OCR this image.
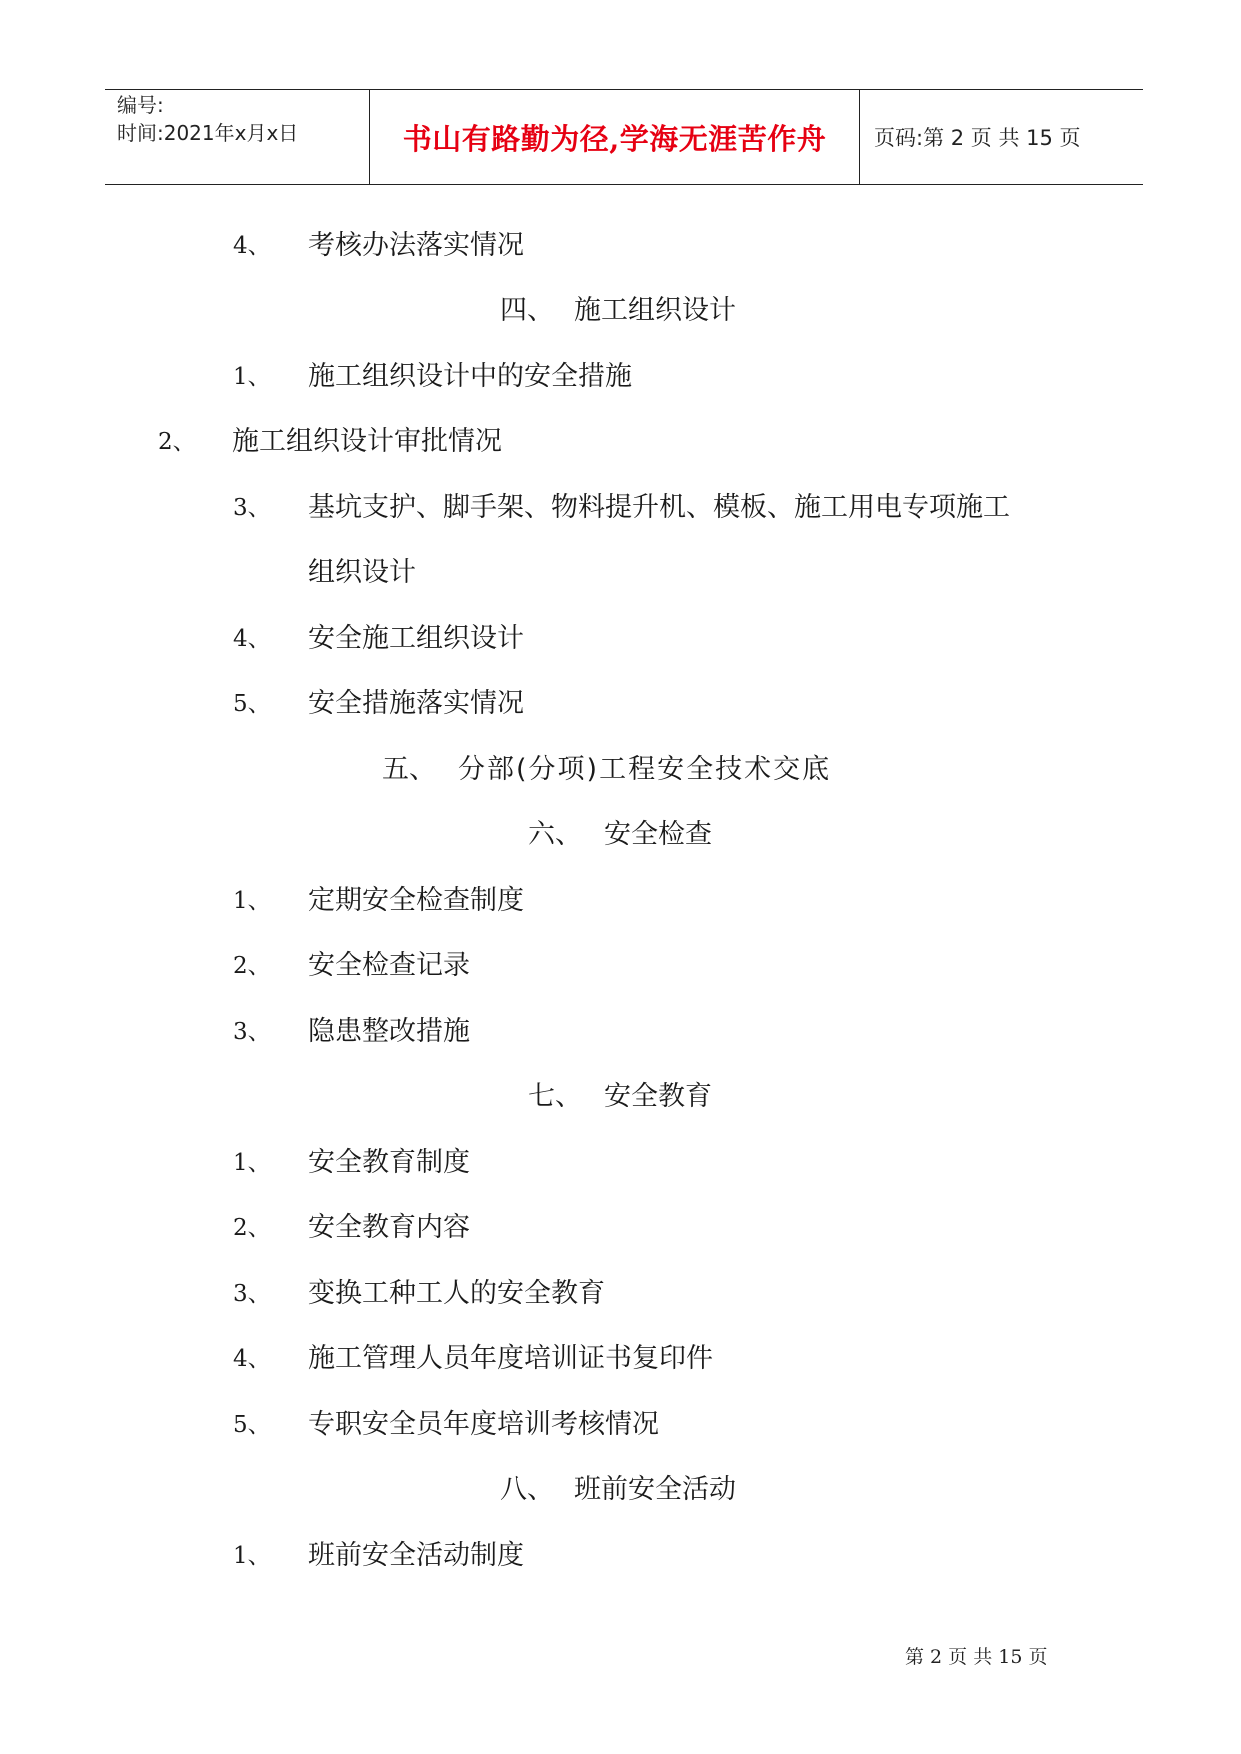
编号:
时间:2021年x月x日	书山有路勤为径,学海无涯苦作舟 页码:第 2 页 共 15 页
4、 考核办法落实情况
四、 施工组织设计
1、 施工组织设计中的安全措施
2、 施工组织设计审批情况
3、 基坑支护、脚手架、物料提升机、模板、施工用电专项施工
组织设计
4、 安全施工组织设计
5、 安全措施落实情况
五、 分部(分项)工程安全技术交底
六、 安全检查
1、 定期安全检查制度
2、 安全检查记录
3、 隐患整改措施
七、 安全教育
1、 安全教育制度
2、 安全教育内容
3、 变换工种工人的安全教育
4、 施工管理人员年度培训证书复印件
5、 专职安全员年度培训考核情况
八、 班前安全活动
1、 班前安全活动制度
第 2 页 共 15 页
